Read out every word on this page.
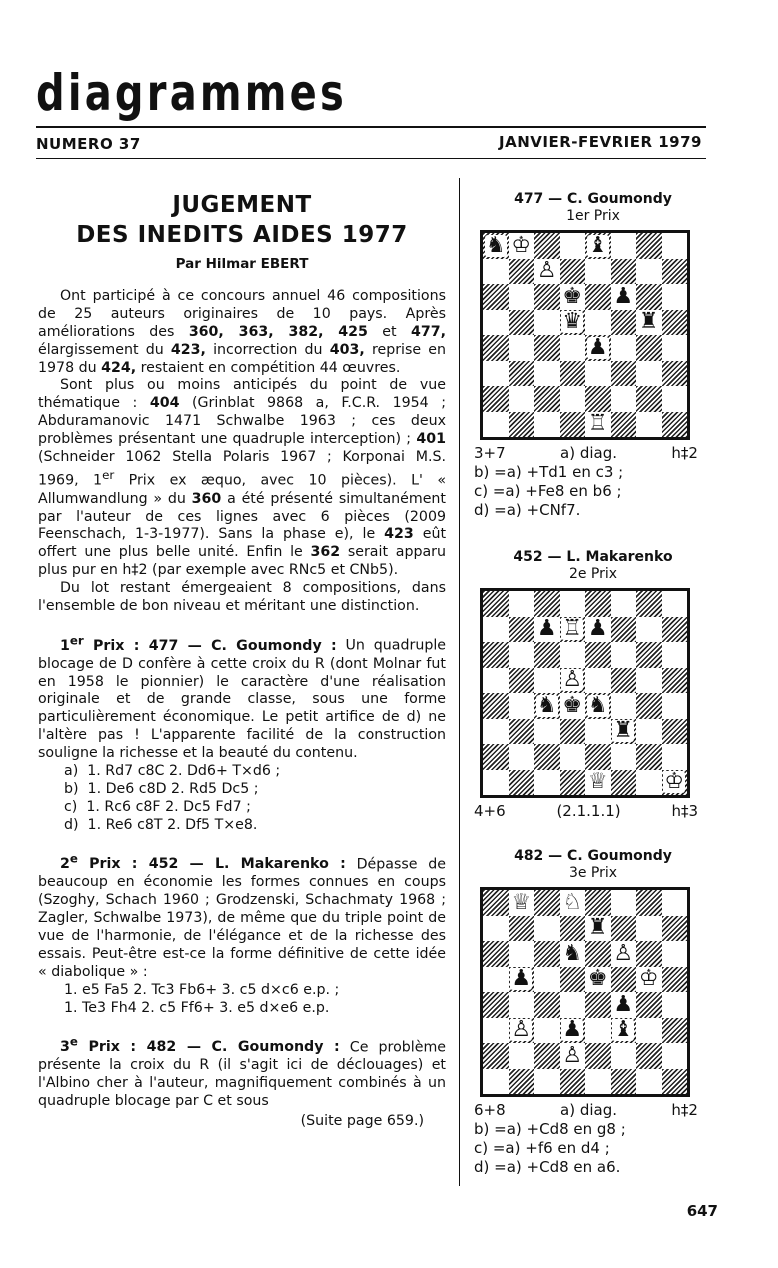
diagrammes
NUMERO 37	JANVIER-FEVRIER 1979
JUGEMENT
DES INEDITS AIDES 1977
Par Hilmar EBERT

Ont participé à ce concours annuel 46 compositions de 25 auteurs originaires de 10 pays. Après améliorations des 360, 363, 382, 425 et 477, élargissement du 423, incorrection du 403, reprise en 1978 du 424, restaient en compétition 44 œuvres.

Sont plus ou moins anticipés du point de vue thématique : 404 (Grinblat 9868 a, F.C.R. 1954 ; Abduramanovic 1471 Schwalbe 1963 ; ces deux problèmes présentant une quadruple interception) ; 401 (Schneider 1062 Stella Polaris 1967 ; Korponai M.S. 1969, 1er Prix ex æquo, avec 10 pièces). L' « Allumwandlung » du 360 a été présenté simultanément par l'auteur de ces lignes avec 6 pièces (2009 Feenschach, 1-3-1977). Sans la phase e), le 423 eût offert une plus belle unité. Enfin le 362 serait apparu plus pur en h‡2 (par exemple avec RNc5 et CNb5).

Du lot restant émergeaient 8 compositions, dans l'ensemble de bon niveau et méritant une distinction.

1er Prix : 477 — C. Goumondy : Un quadruple blocage de D confère à cette croix du R (dont Molnar fut en 1958 le pionnier) le caractère d'une réalisation originale et de grande classe, sous une forme particulièrement économique. Le petit artifice de d) ne l'altère pas ! L'apparente facilité de la construction souligne la richesse et la beauté du contenu.

a)  1. Rd7 c8C 2. Dd6+ T×d6 ;
b)  1. De6 c8D 2. Rd5 Dc5 ;
c)  1. Rc6 c8F 2. Dc5 Fd7 ;
d)  1. Re6 c8T 2. Df5 T×e8.

2e Prix : 452 — L. Makarenko : Dépasse de beaucoup en économie les formes connues en coups (Szoghy, Schach 1960 ; Grodzenski, Schachmaty 1968 ; Zagler, Schwalbe 1973), de même que du triple point de vue de l'harmonie, de l'élégance et de la richesse des essais. Peut-être est-ce la forme définitive de cette idée « diabolique » :

1. e5 Fa5 2. Tc3 Fb6+ 3. c5 d×c6 e.p. ;
1. Te3 Fh4 2. c5 Ff6+ 3. e5 d×e6 e.p.

3e Prix : 482 — C. Goumondy : Ce problème présente la croix du R (il s'agit ici de déclouages) et l'Albino cher à l'auteur, magnifiquement combinés à un quadruple blocage par C et sous

(Suite page 659.)
477 — C. Goumondy
1er Prix
♞ ♔	♝
♙
♚ ♟
♛	♜
♟
♖
3+7	a) diag.	h‡2
b) =a) +Td1 en c3 ;
c) =a) +Fe8 en b6 ;
d) =a) +CNf7.
452 — L. Makarenko
2e Prix
♟ ♖ ♟
♙
♞ ♚ ♞
♜
♕	♔
4+6	(2.1.1.1)	h‡3
482 — C. Goumondy
3e Prix
♕ ♘
♜
♞ ♙
♟	♚ ♔
♟
♙ ♟ ♝
♙
6+8	a) diag.	h‡2
b) =a) +Cd8 en g8 ;
c) =a) +f6 en d4 ;
d) =a) +Cd8 en a6.
647
